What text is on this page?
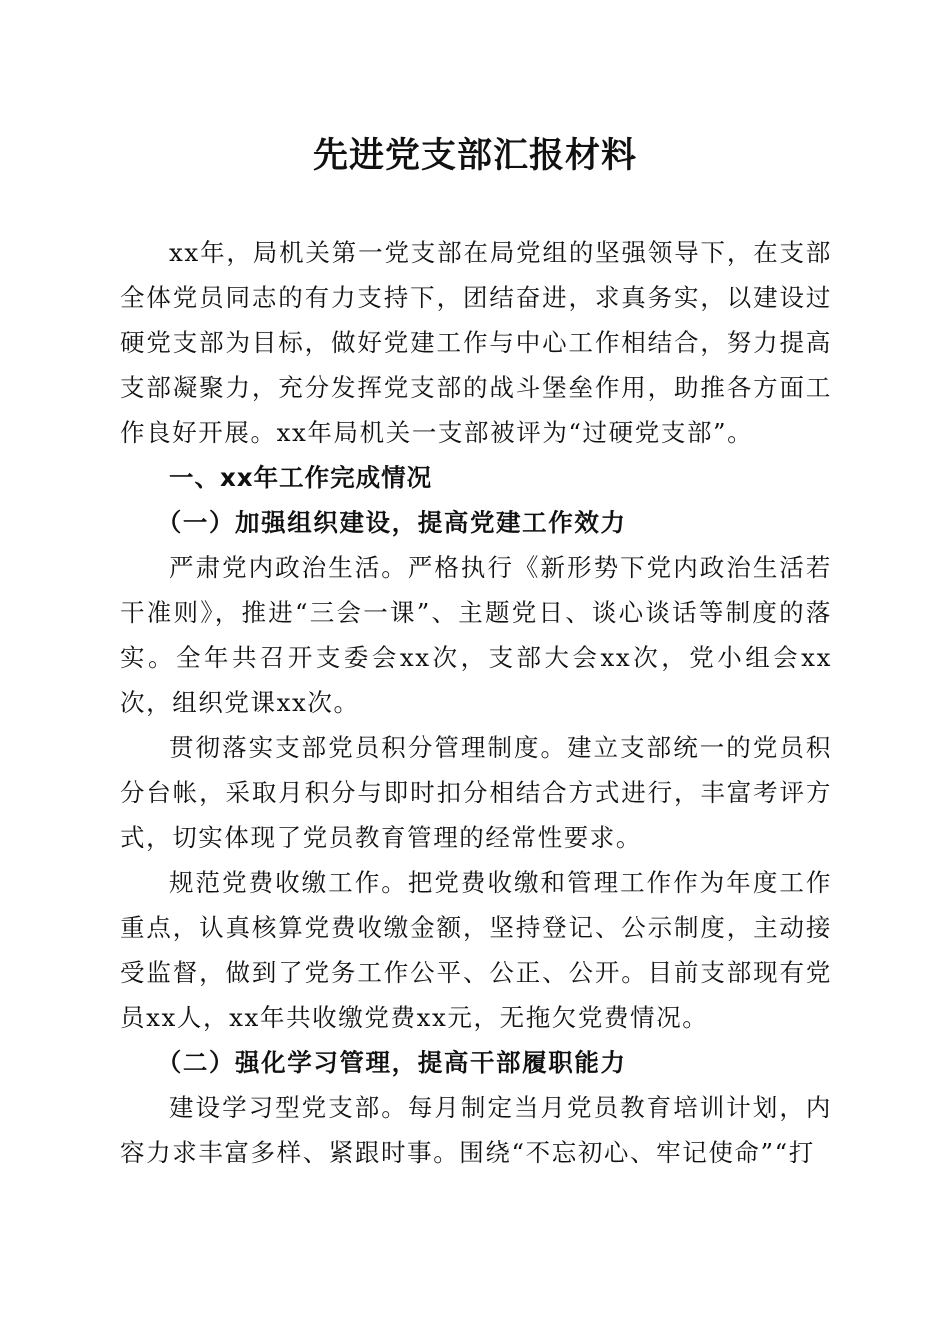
先进党支部汇报材料

xx年，局机关第一党支部在局党组的坚强领导下，在支部全体党员同志的有力支持下，团结奋进，求真务实，以建设过硬党支部为目标，做好党建工作与中心工作相结合，努力提高支部凝聚力，充分发挥党支部的战斗堡垒作用，助推各方面工作良好开展。xx年局机关一支部被评为“过硬党支部”。

一、xx年工作完成情况

（一）加强组织建设，提高党建工作效力

严肃党内政治生活。严格执行《新形势下党内政治生活若干准则》，推进“三会一课”、主题党日、谈心谈话等制度的落实。全年共召开支委会xx次，支部大会xx次，党小组会xx次，组织党课xx次。

贯彻落实支部党员积分管理制度。建立支部统一的党员积分台帐，采取月积分与即时扣分相结合方式进行，丰富考评方式，切实体现了党员教育管理的经常性要求。

规范党费收缴工作。把党费收缴和管理工作作为年度工作重点，认真核算党费收缴金额，坚持登记、公示制度，主动接受监督，做到了党务工作公平、公正、公开。目前支部现有党员xx人，xx年共收缴党费xx元，无拖欠党费情况。

（二）强化学习管理，提高干部履职能力

建设学习型党支部。每月制定当月党员教育培训计划，内容力求丰富多样、紧跟时事。围绕“不忘初心、牢记使命”“打
